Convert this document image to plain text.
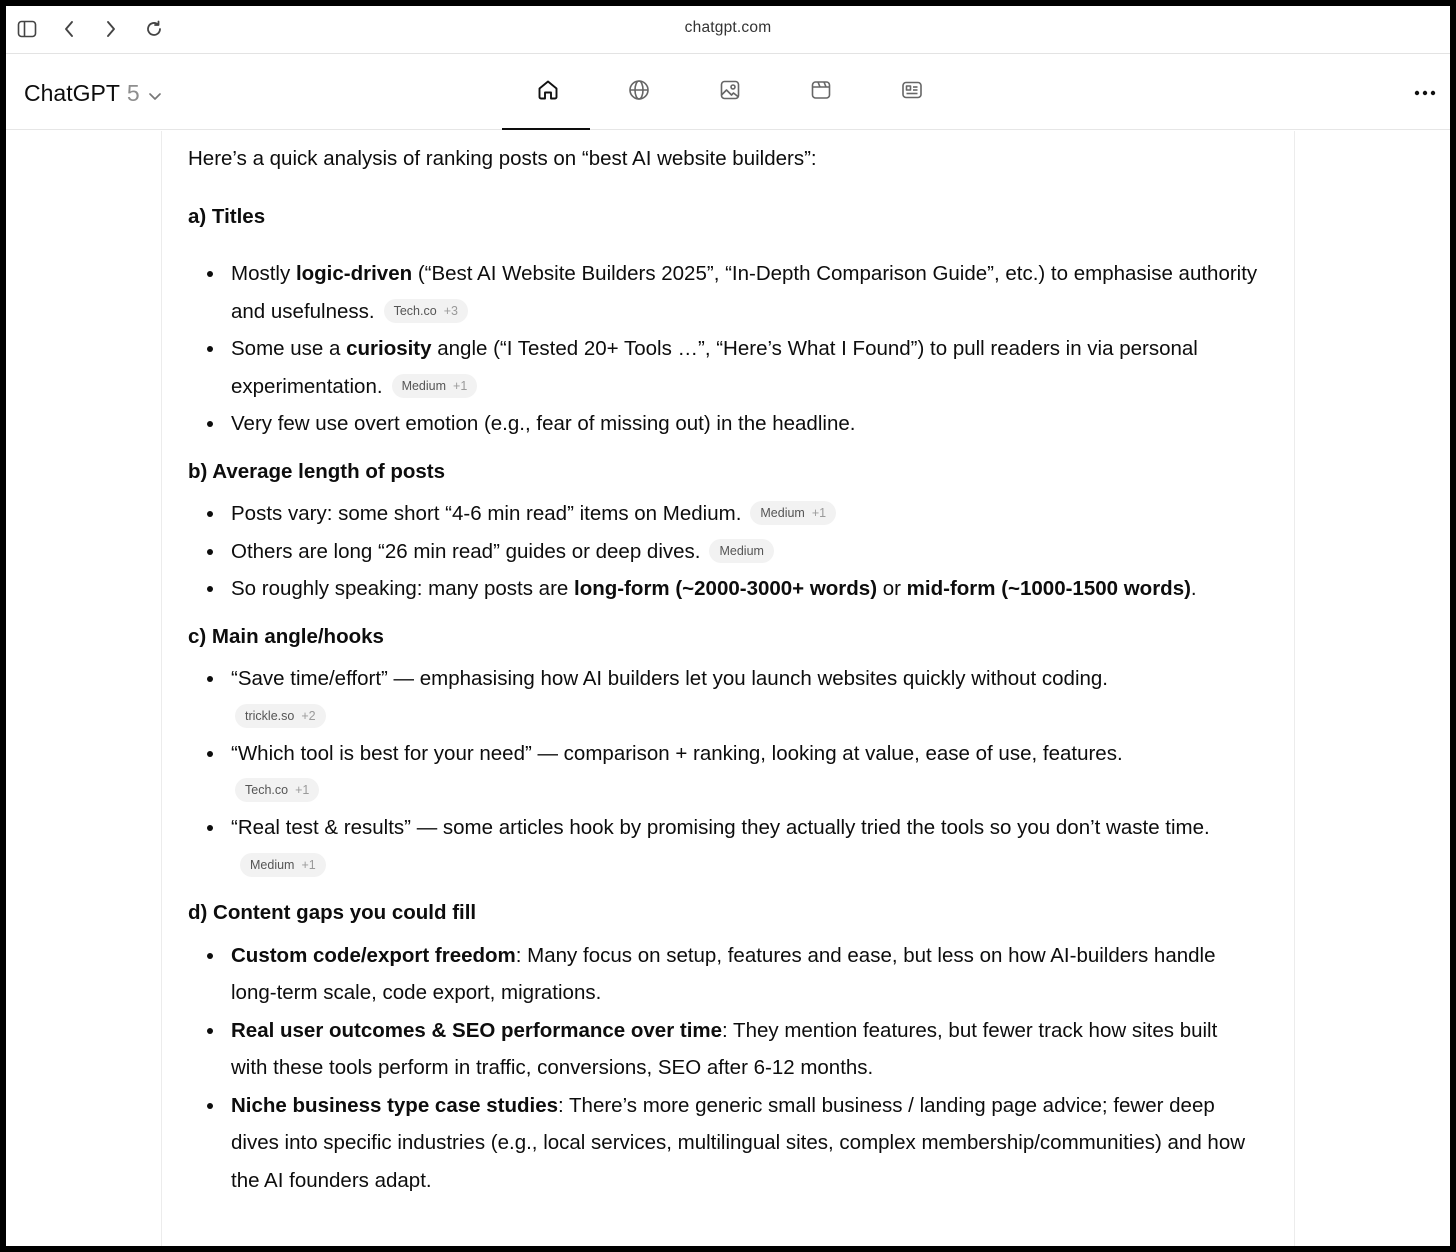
chatgpt.com
ChatGPT 5

Here’s a quick analysis of ranking posts on “best AI website builders”:

a) Titles

Mostly logic-driven (“Best AI Website Builders 2025”, “In-Depth Comparison Guide”, etc.) to emphasise authority and usefulness. Tech.co +3
Some use a curiosity angle (“I Tested 20+ Tools …”, “Here’s What I Found”) to pull readers in via personal experimentation. Medium +1
Very few use overt emotion (e.g., fear of missing out) in the headline.

b) Average length of posts

Posts vary: some short “4-6 min read” items on Medium. Medium +1
Others are long “26 min read” guides or deep dives. Medium
So roughly speaking: many posts are long-form (~2000-3000+ words) or mid-form (~1000-1500 words).

c) Main angle/hooks

“Save time/effort” — emphasising how AI builders let you launch websites quickly without coding.
trickle.so +2
“Which tool is best for your need” — comparison + ranking, looking at value, ease of use, features.
Tech.co +1
“Real test & results” — some articles hook by promising they actually tried the tools so you don’t waste time.
Medium +1

d) Content gaps you could fill

Custom code/export freedom: Many focus on setup, features and ease, but less on how AI-builders handle long-term scale, code export, migrations.
Real user outcomes & SEO performance over time: They mention features, but fewer track how sites built with these tools perform in traffic, conversions, SEO after 6-12 months.
Niche business type case studies: There’s more generic small business / landing page advice; fewer deep dives into specific industries (e.g., local services, multilingual sites, complex membership/communities) and how the AI founders adapt.
